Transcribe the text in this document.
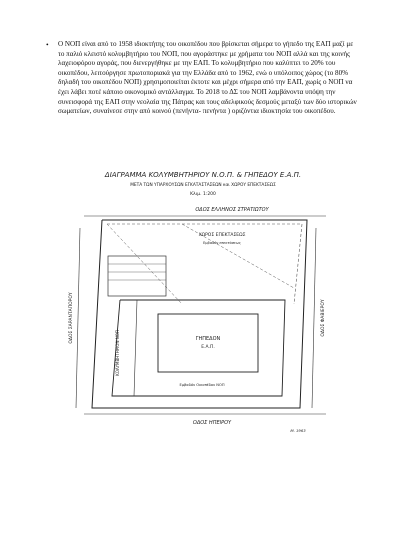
• Ο ΝΟΠ είναι από το 1958 ιδιοκτήτης του οικοπέδου που βρίσκεται σήμερα το γήπεδο της ΕΑΠ μαζί με το παλιό κλειστό κολυμβητήριο του ΝΟΠ, που αγοράστηκε με χρήματα του ΝΟΠ αλλά και της κοινής λαχειοφόρου αγοράς, που διενεργήθηκε με την ΕΑΠ. Το κολυμβητήριο που καλύπτει το 20% του οικοπέδου, λειτούργησε πρωτοποριακά για την Ελλάδα από το 1962, ενώ ο υπόλοιπος χώρος (το 80% δηλαδή του οικοπέδου ΝΟΠ) χρησιμοποιείται έκτοτε και μέχρι σήμερα από την ΕΑΠ, χωρίς ο ΝΟΠ να έχει λάβει ποτέ κάποιο οικονομικό αντάλλαγμα. Το 2018 το ΔΣ του ΝΟΠ λαμβάνοντα υπόψη την συνεισφορά της ΕΑΠ στην νεολαία της Πάτρας και τους αδελφικούς δεσμούς μεταξύ των δύο ιστορικών σωματείων, συναίνεσε στην από κοινού (πενήντα- πενήντα ) οριζόντια ιδιοκτησία του οικοπέδου.
ΔΙΑΓΡΑΜΜΑ ΚΟΛΥΜΒΗΤΗΡΙΟΥ Ν.Ο.Π. & ΓΗΠΕΔΟΥ Ε.Α.Π.
ΜΕΤΑ ΤΩΝ ΥΠΑΡΧΟΥΣΩΝ ΕΓΚΑΤΑΣΤΑΣΕΩΝ και ΧΩΡΟΥ ΕΠΕΚΤΑΣΕΩΣ
Κλιμ. 1:200
ΟΔΟΣ ΕΛΛΗΝΟΣ ΣΤΡΑΤΙΩΤΟΥ
ΧΩΡΟΣ ΕΠΕΚΤΑΣΕΩΣ
Εμβαδόν επεκτάσεως
ΚΟΛΥΜΒΗΤΗΡΙΟΝ ΝΟΠ	ΓΗΠΕΔΟΝ
Ε.Α.Π.
Εμβαδόν Οικοπέδου ΝΟΠ
ΟΔΟΣ ΣΑΡΑΝΤΑΠΟΡΟΥ	ΟΔΟΣ ΦΑΒΙΕΡΟΥ
ΟΔΟΣ ΗΠΕΙΡΟΥ
Μ. 1963
